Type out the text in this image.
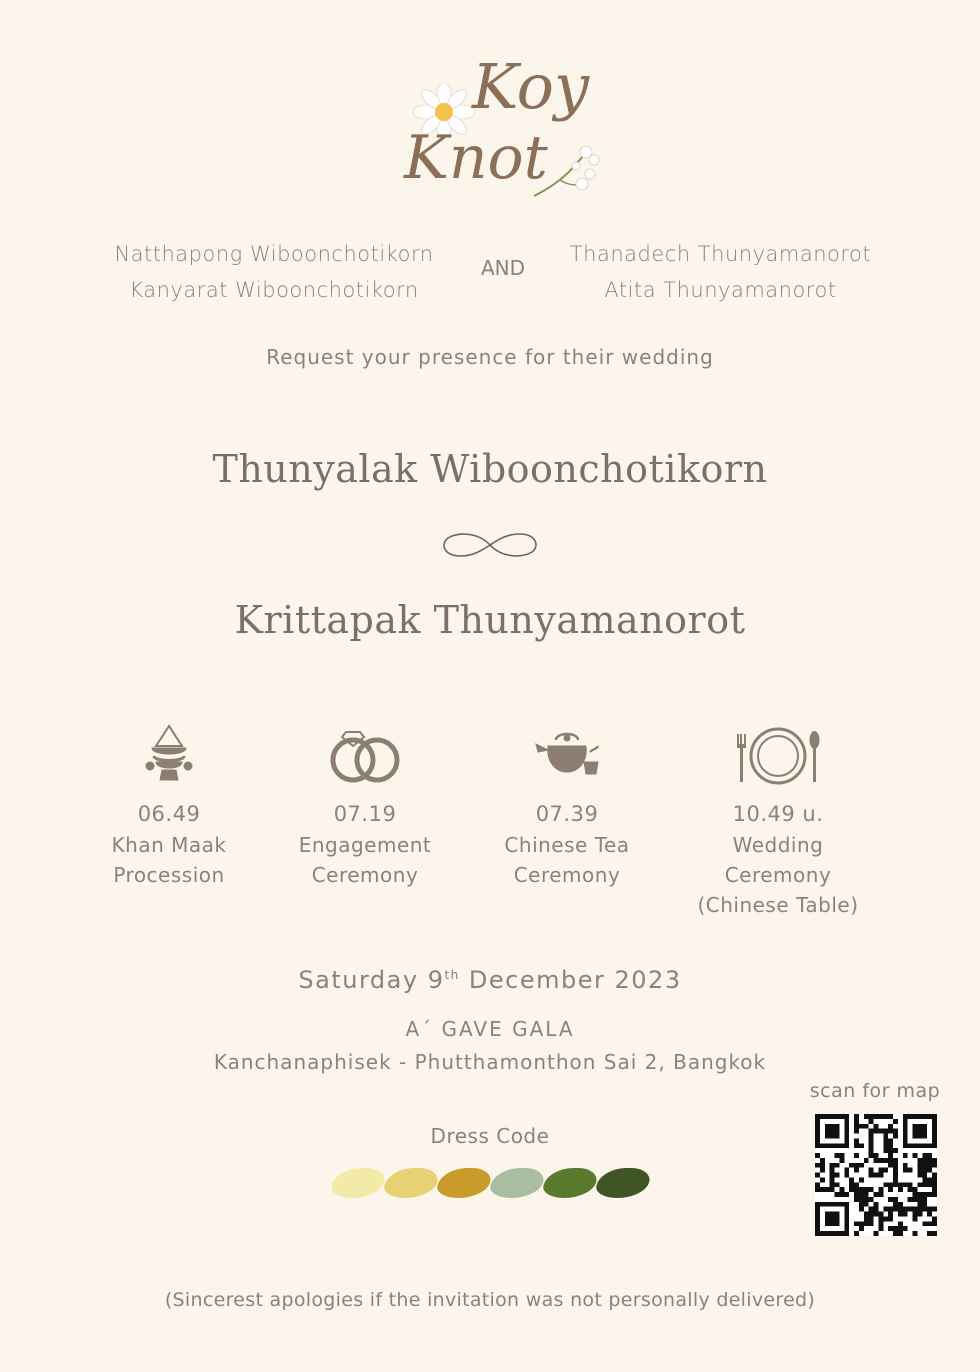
Koy
Knot
Natthapong Wiboonchotikorn
Kanyarat Wiboonchotikorn
AND
Thanadech Thunyamanorot
Atita Thunyamanorot
Request your presence for their wedding
Thunyalak Wiboonchotikorn
Krittapak Thunyamanorot
06.49
Khan Maak
Procession
07.19
Engagement
Ceremony
07.39
Chinese Tea
Ceremony
10.49 u.
Wedding Ceremony
(Chinese Table)
Saturday 9th December 2023
A´ GAVE GALA
Kanchanaphisek - Phutthamonthon Sai 2, Bangkok
scan for map
Dress Code
(Sincerest apologies if the invitation was not personally delivered)
